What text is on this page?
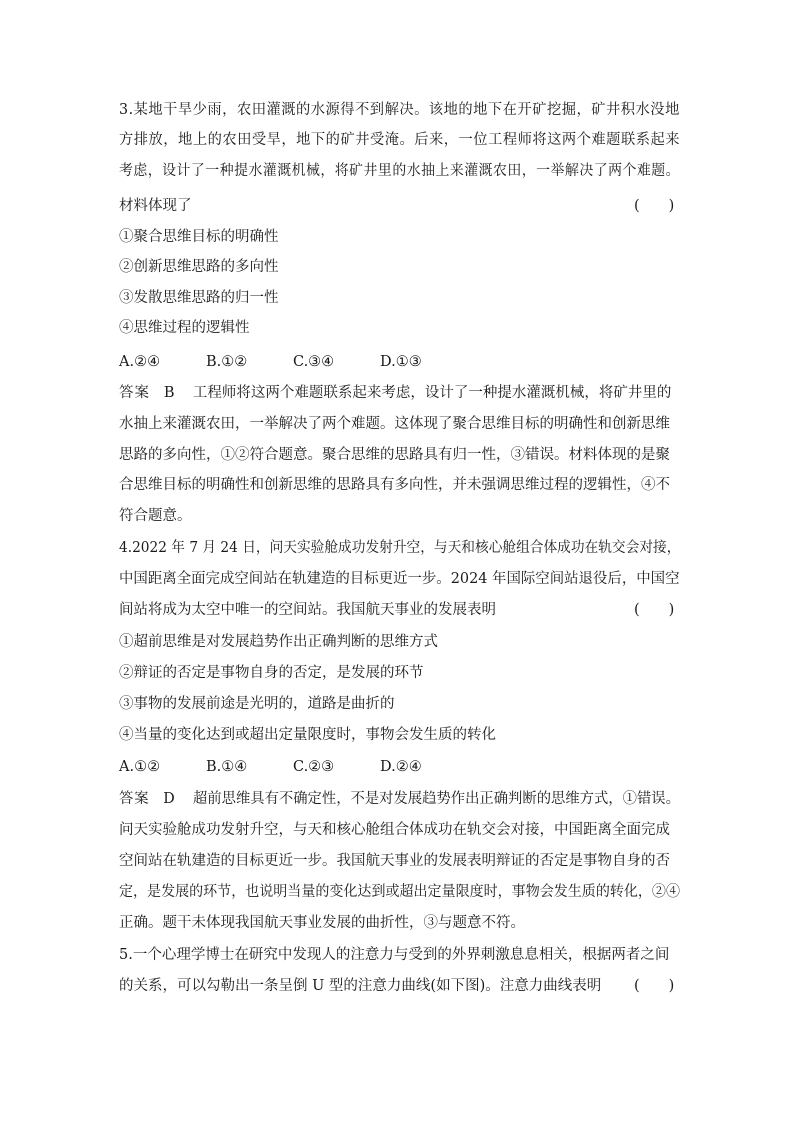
3.某地干旱少雨，农田灌溉的水源得不到解决。该地的地下在开矿挖掘，矿井积水没地
方排放，地上的农田受旱，地下的矿井受淹。后来，一位工程师将这两个难题联系起来
考虑，设计了一种提水灌溉机械，将矿井里的水抽上来灌溉农田，一举解决了两个难题。
材料体现了	(　　)
①聚合思维目标的明确性
②创新思维思路的多向性
③发散思维思路的归一性
④思维过程的逻辑性
A.②④	B.①②	C.③④	D.①③
答案 B 工程师将这两个难题联系起来考虑，设计了一种提水灌溉机械，将矿井里的
水抽上来灌溉农田，一举解决了两个难题。这体现了聚合思维目标的明确性和创新思维
思路的多向性，①②符合题意。聚合思维的思路具有归一性，③错误。材料体现的是聚
合思维目标的明确性和创新思维的思路具有多向性，并未强调思维过程的逻辑性，④不
符合题意。
4.2022 年 7 月 24 日，问天实验舱成功发射升空，与天和核心舱组合体成功在轨交会对接，
中国距离全面完成空间站在轨建造的目标更近一步。2024 年国际空间站退役后，中国空
间站将成为太空中唯一的空间站。我国航天事业的发展表明	(　　)
①超前思维是对发展趋势作出正确判断的思维方式
②辩证的否定是事物自身的否定，是发展的环节
③事物的发展前途是光明的，道路是曲折的
④当量的变化达到或超出定量限度时，事物会发生质的转化
A.①②	B.①④	C.②③	D.②④
答案 D 超前思维具有不确定性，不是对发展趋势作出正确判断的思维方式，①错误。
问天实验舱成功发射升空，与天和核心舱组合体成功在轨交会对接，中国距离全面完成
空间站在轨建造的目标更近一步。我国航天事业的发展表明辩证的否定是事物自身的否
定，是发展的环节，也说明当量的变化达到或超出定量限度时，事物会发生质的转化，②④
正确。题干未体现我国航天事业发展的曲折性，③与题意不符。
5.一个心理学博士在研究中发现人的注意力与受到的外界刺激息息相关，根据两者之间
的关系，可以勾勒出一条呈倒 U 型的注意力曲线(如下图)。注意力曲线表明 (　　)
